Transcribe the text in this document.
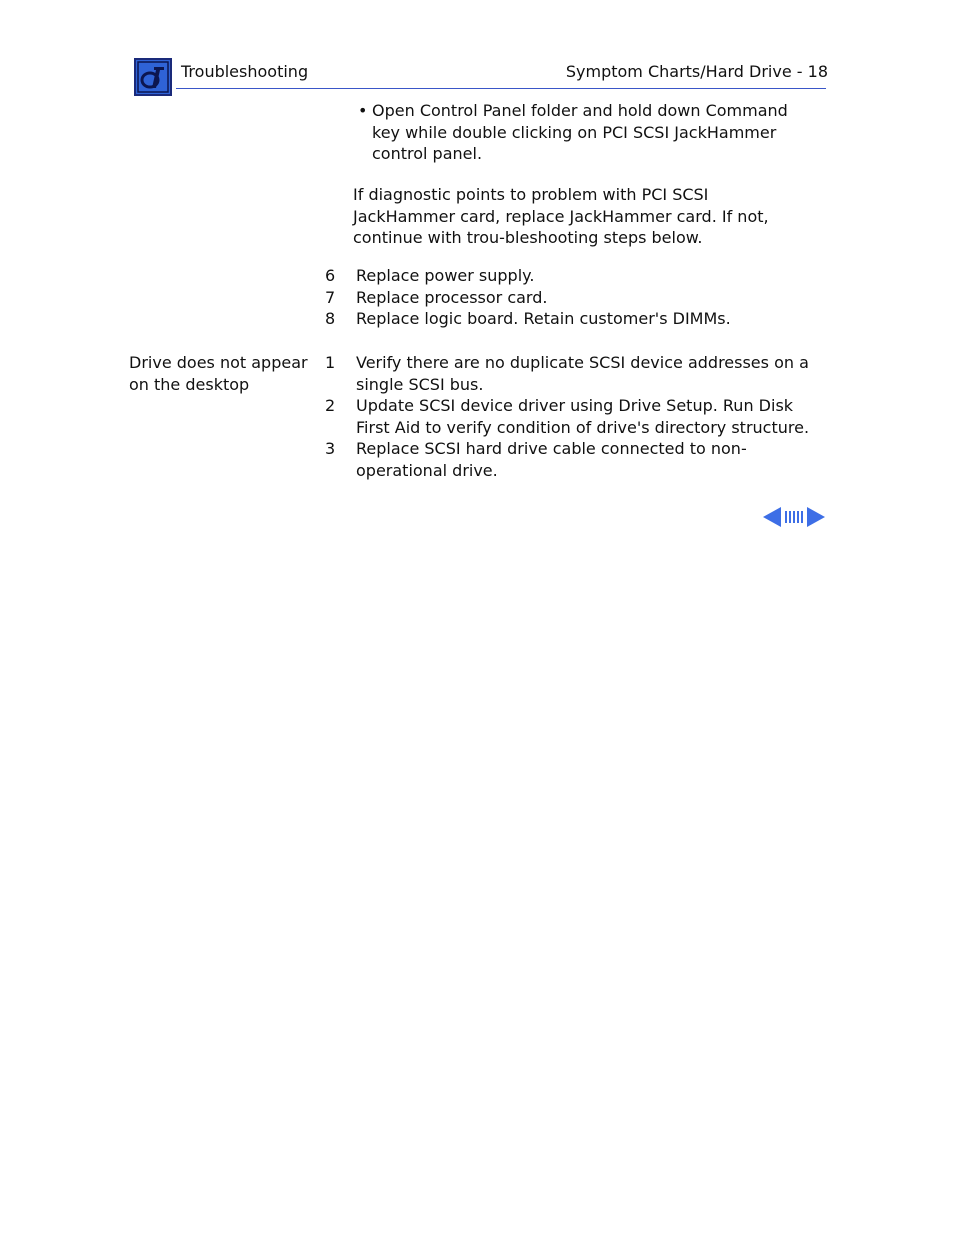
Troubleshooting	Symptom Charts/Hard Drive - 18
• Open Control Panel folder and hold down Command key while double clicking on PCI SCSI JackHammer control panel.
If diagnostic points to problem with PCI SCSI JackHammer card, replace JackHammer card. If not, continue with trou-bleshooting steps below.
6	Replace power supply.
7	Replace processor card.
8	Replace logic board. Retain customer's DIMMs.
Drive does not appear on the desktop
1	Verify there are no duplicate SCSI device addresses on a single SCSI bus.
2	Update SCSI device driver using Drive Setup. Run Disk First Aid to verify condition of drive's directory structure.
3	Replace SCSI hard drive cable connected to non-operational drive.
